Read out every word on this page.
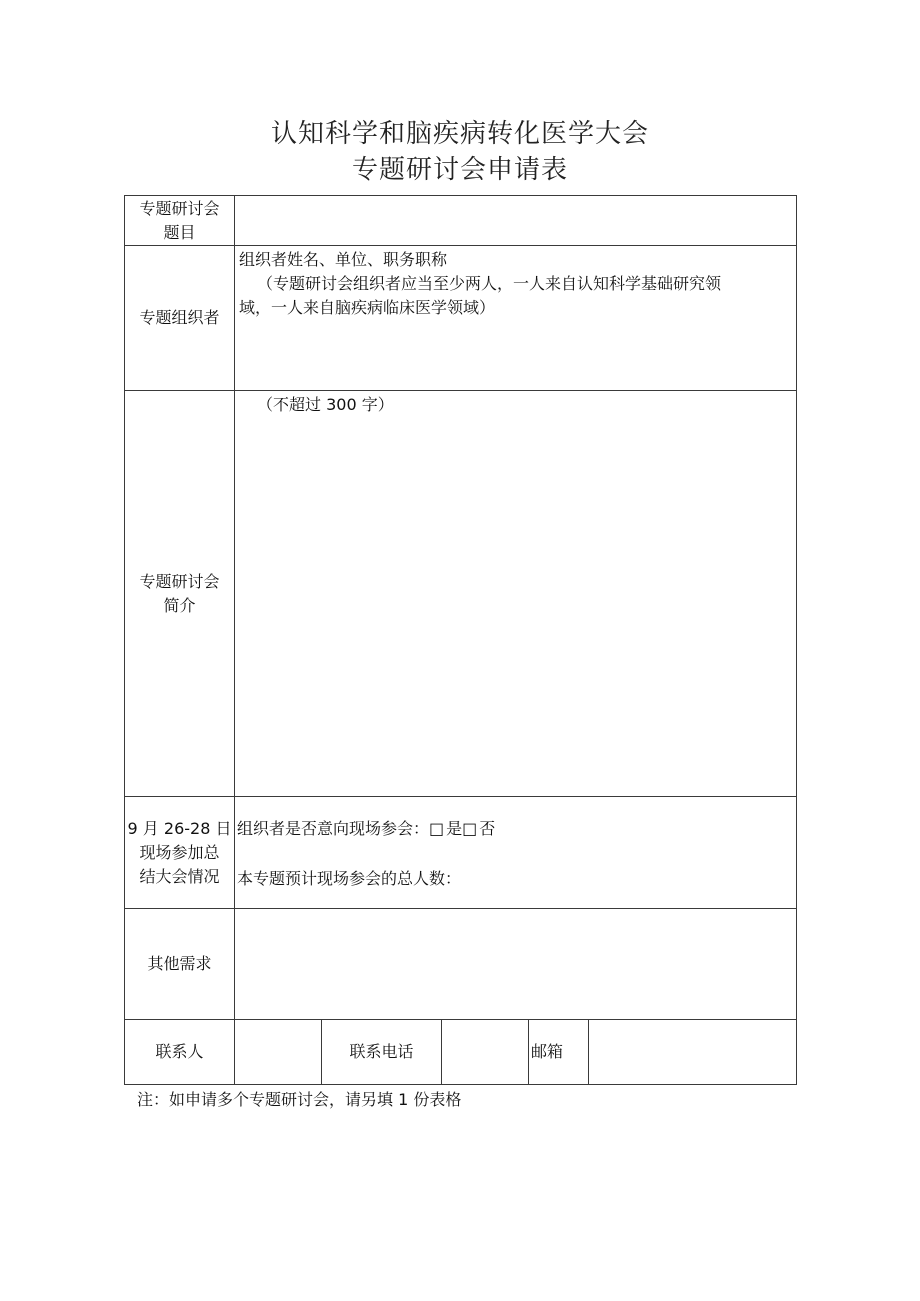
认知科学和脑疾病转化医学大会
专题研讨会申请表
专题研讨会
题目
专题组织者
组织者姓名、单位、职务职称
（专题研讨会组织者应当至少两人，一人来自认知科学基础研究领
域，一人来自脑疾病临床医学领域）
专题研讨会
简介
（不超过 300 字）
9 月 26-28 日
现场参加总
结大会情况
组织者是否意向现场参会：□ 是□ 否
本专题预计现场参会的总人数：
其他需求
联系人	联系电话	邮箱
注：如申请多个专题研讨会，请另填 1 份表格
